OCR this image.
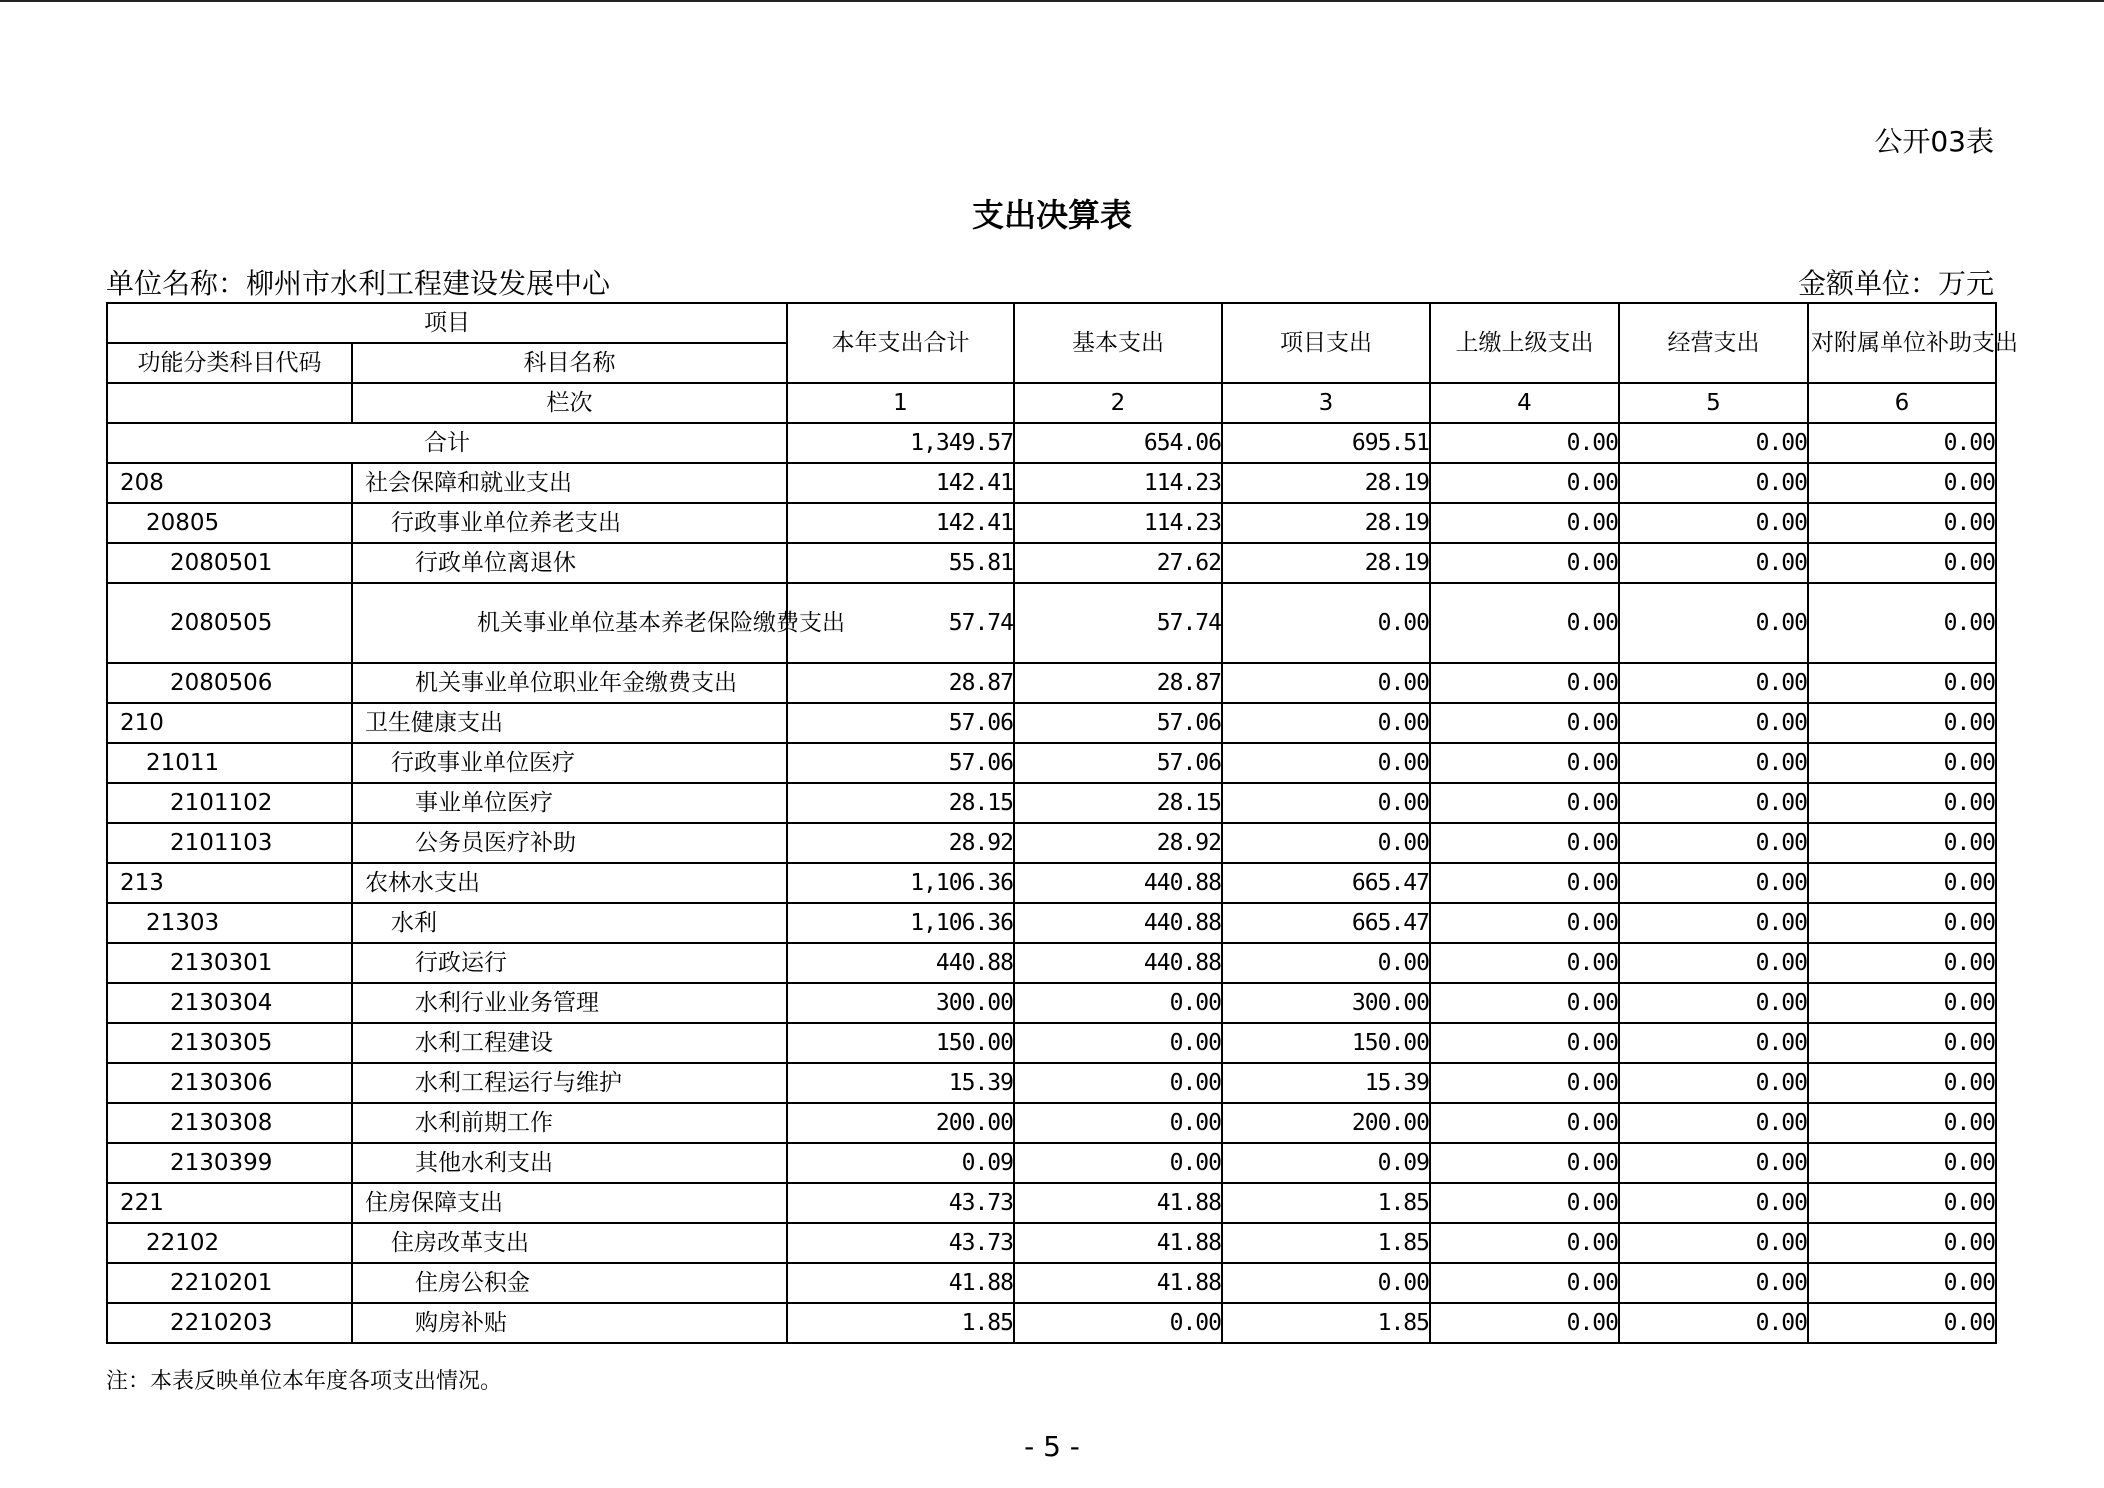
公开03表
支出决算表
单位名称：柳州市水利工程建设发展中心	金额单位：万元
项目		本年支出合计	基本支出	项目支出	上缴上级支出	经营支出	对附属单位补助支出
功能分类科目代码	科目名称						
	栏次	1	2	3	4	5	6
合计		1,349.57	654.06	695.51	0.00	0.00	0.00
208	社会保障和就业支出	142.41	114.23	28.19	0.00	0.00	0.00
20805	行政事业单位养老支出	142.41	114.23	28.19	0.00	0.00	0.00
2080501	行政单位离退休	55.81	27.62	28.19	0.00	0.00	0.00
2080505	机关事业单位基本养老保险缴费支出	57.74	57.74	0.00	0.00	0.00	0.00
2080506	机关事业单位职业年金缴费支出	28.87	28.87	0.00	0.00	0.00	0.00
210	卫生健康支出	57.06	57.06	0.00	0.00	0.00	0.00
21011	行政事业单位医疗	57.06	57.06	0.00	0.00	0.00	0.00
2101102	事业单位医疗	28.15	28.15	0.00	0.00	0.00	0.00
2101103	公务员医疗补助	28.92	28.92	0.00	0.00	0.00	0.00
213	农林水支出	1,106.36	440.88	665.47	0.00	0.00	0.00
21303	水利	1,106.36	440.88	665.47	0.00	0.00	0.00
2130301	行政运行	440.88	440.88	0.00	0.00	0.00	0.00
2130304	水利行业业务管理	300.00	0.00	300.00	0.00	0.00	0.00
2130305	水利工程建设	150.00	0.00	150.00	0.00	0.00	0.00
2130306	水利工程运行与维护	15.39	0.00	15.39	0.00	0.00	0.00
2130308	水利前期工作	200.00	0.00	200.00	0.00	0.00	0.00
2130399	其他水利支出	0.09	0.00	0.09	0.00	0.00	0.00
221	住房保障支出	43.73	41.88	1.85	0.00	0.00	0.00
22102	住房改革支出	43.73	41.88	1.85	0.00	0.00	0.00
2210201	住房公积金	41.88	41.88	0.00	0.00	0.00	0.00
2210203	购房补贴	1.85	0.00	1.85	0.00	0.00	0.00
注：本表反映单位本年度各项支出情况。
- 5 -
